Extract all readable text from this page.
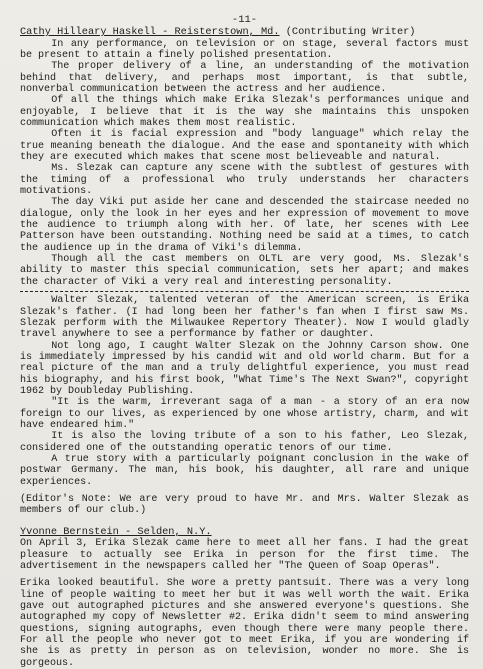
-11-
Cathy Hilleary Haskell - Reisterstown, Md. (Contributing Writer)

In any performance, on television or on stage, several factors must be present to attain a finely polished presentation.

The proper delivery of a line, an understanding of the motivation behind that delivery, and perhaps most important, is that subtle, nonverbal communication between the actress and her audience.

Of all the things which make Erika Slezak's performances unique and enjoyable, I believe that it is the way she maintains this unspoken communication which makes them most realistic.

Often it is facial expression and "body language" which relay the true meaning beneath the dialogue. And the ease and spontaneity with which they are executed which makes that scene most believeable and natural.

Ms. Slezak can capture any scene with the subtlest of gestures with the timing of a professional who truly understands her characters motivations.

The day Viki put aside her cane and descended the staircase needed no dialogue, only the look in her eyes and her expression of movement to move the audience to triumph along with her. Of late, her scenes with Lee Patterson have been outstanding. Nothing need be said at a times, to catch the audience up in the drama of Viki's dilemma.

Though all the cast members on OLTL are very good, Ms. Slezak's ability to master this special communication, sets her apart; and makes the character of Viki a very real and interesting personality.

Walter Slezak, talented veteran of the American screen, is Erika Slezak's father. (I had long been her father's fan when I first saw Ms. Slezak perform with the Milwaukee Repertory Theater). Now I would gladly travel anywhere to see a performance by father or daughter.

Not long ago, I caught Walter Slezak on the Johnny Carson show. One is immediately impressed by his candid wit and old world charm. But for a real picture of the man and a truly delightful experience, you must read his biography, and his first book, "What Time's The Next Swan?", copyright 1962 by Doubleday Publishing.

"It is the warm, irreverant saga of a man - a story of an era now foreign to our lives, as experienced by one whose artistry, charm, and wit have endeared him."

It is also the loving tribute of a son to his father, Leo Slezak, considered one of the outstanding operatic tenors of our time.

A true story with a particularly poignant conclusion in the wake of postwar Germany. The man, his book, his daughter, all rare and unique experiences.

(Editor's Note: We are very proud to have Mr. and Mrs. Walter Slezak as members of our club.)

Yvonne Bernstein - Selden, N.Y.

On April 3, Erika Slezak came here to meet all her fans. I had the great pleasure to actually see Erika in person for the first time. The advertisement in the newspapers called her "The Queen of Soap Operas".

Erika looked beautiful. She wore a pretty pantsuit. There was a very long line of people waiting to meet her but it was well worth the wait. Erika gave out autographed pictures and she answered everyone's questions. She autographed my copy of Newsletter #2. Erika didn't seem to mind answering questions, signing autographs, even though there were many people there. For all the people who never got to meet Erika, if you are wondering if she is as pretty in person as on television, wonder no more. She is gorgeous.
